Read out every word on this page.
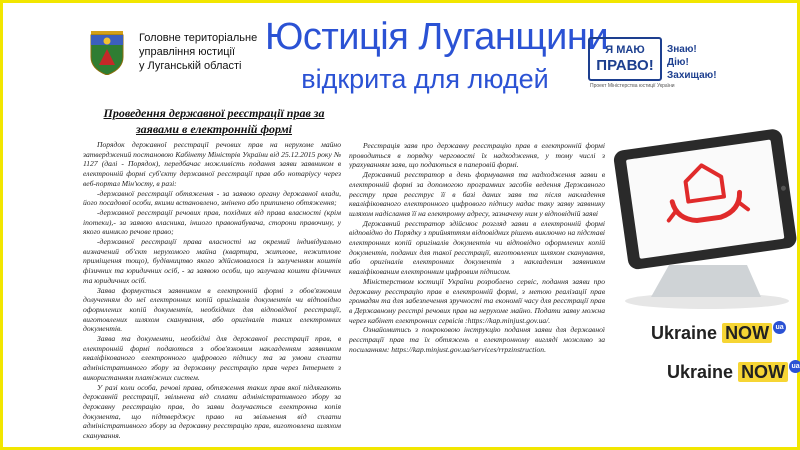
Головне територіальне
управління юстиції
у Луганській області
Юстиція Луганщини
відкрита для людей
Я МАЮ
ПРАВО!
Проект Міністерства юстиції України
Знаю!
Дію!
Захищаю!
Проведення державної реєстрації прав за заявами в електронній формі

Порядок державної реєстрації речових прав на нерухоме майно затверджений постановою Кабінету Міністрів України від 25.12.2015 року № 1127 (далі - Порядок), передбачає можливість подання заяви заявником в електронній формі суб'єкту державної реєстрації прав або нотаріусу через веб-портал Мін'юсту, в разі:

-державної реєстрації обтяження - за заявою органу державної влади, його посадової особи, якими встановлено, змінено або припинено обтяження;

-державної реєстрації речових прав, похідних від права власності (крім іпотеки),- за заявою власника, іншого правонабувача, сторони правочину, у якого виникло речове право;

-державної реєстрації права власності на окремий індивідуально визначений об'єкт нерухомого майна (квартира, житлове, нежитлове приміщення тощо), будівництво якого здійснювалося із залученням коштів фізичних та юридичних осіб, - за заявою особи, що залучала кошти фізичних та юридичних осіб.

Заява формується заявником в електронній формі з обов'язковим долученням до неї електронних копій оригіналів документів чи відповідно оформлених копій документів, необхідних для відповідної реєстрації, виготовлених шляхом сканування, або оригіналів таких електронних документів.

Заява та документи, необхідні для державної реєстрації прав, в електронній формі подаються з обов'язковим накладенням заявником кваліфікованого електронного цифрового підпису та за умови сплати адміністративного збору за державну реєстрацію прав через Інтернет з використанням платіжних систем.

У разі коли особа, речові права, обтяження таких прав якої підлягають державній реєстрації, звільнена від сплати адміністративного збору за державну реєстрацію прав, до заяви долучається електронна копія документа, що підтверджує право на звільнення від сплати адміністративного збору за державну реєстрацію прав, виготовлена шляхом сканування.

Реєстрація заяв про державну реєстрацію прав в електронній формі проводиться в порядку черговості їх надходження, у тому числі з урахуванням заяв, що подаються в паперовій формі.

Державний реєстратор в день формування та надходження заяви в електронній формі за допомогою програмних засобів ведення Державного реєстру прав реєструє її в базі даних заяв та після накладення кваліфікованого електронного цифрового підпису надає таку заяву заявнику шляхом надіслання її на електронну адресу, зазначену ним у відповідній заяві

Державний реєстратор здійснює розгляд заяви в електронній формі відповідно до Порядку з прийняттям відповідних рішень виключно на підставі електронних копій оригіналів документів чи відповідно оформлених копій документів, поданих для такої реєстрації, виготовлених шляхом сканування, або оригіналів електронних документів з накладеним заявником кваліфікованим електронним цифровим підписом.

Міністерством юстиції України розроблено сервіс, подання заяви про державну реєстрацію прав в електронній формі, з метою реалізації прав громадян та для забезпечення зручності та економії часу для реєстрації прав в Державному реєстрі речових прав на нерухоме майно. Подати заяву можна через кабінет електронних сервісів :https://kap.minjust.gov.ua/.

Ознайомитись з покроковою інструкцію подання заяви для державної реєстрації прав та їх обтяжень в електронному вигляді можливо за посиланням: https://kap.minjust.gov.ua/services/rrpzinstruction.

Ukraine NOW ua
Ukraine NOW ua
